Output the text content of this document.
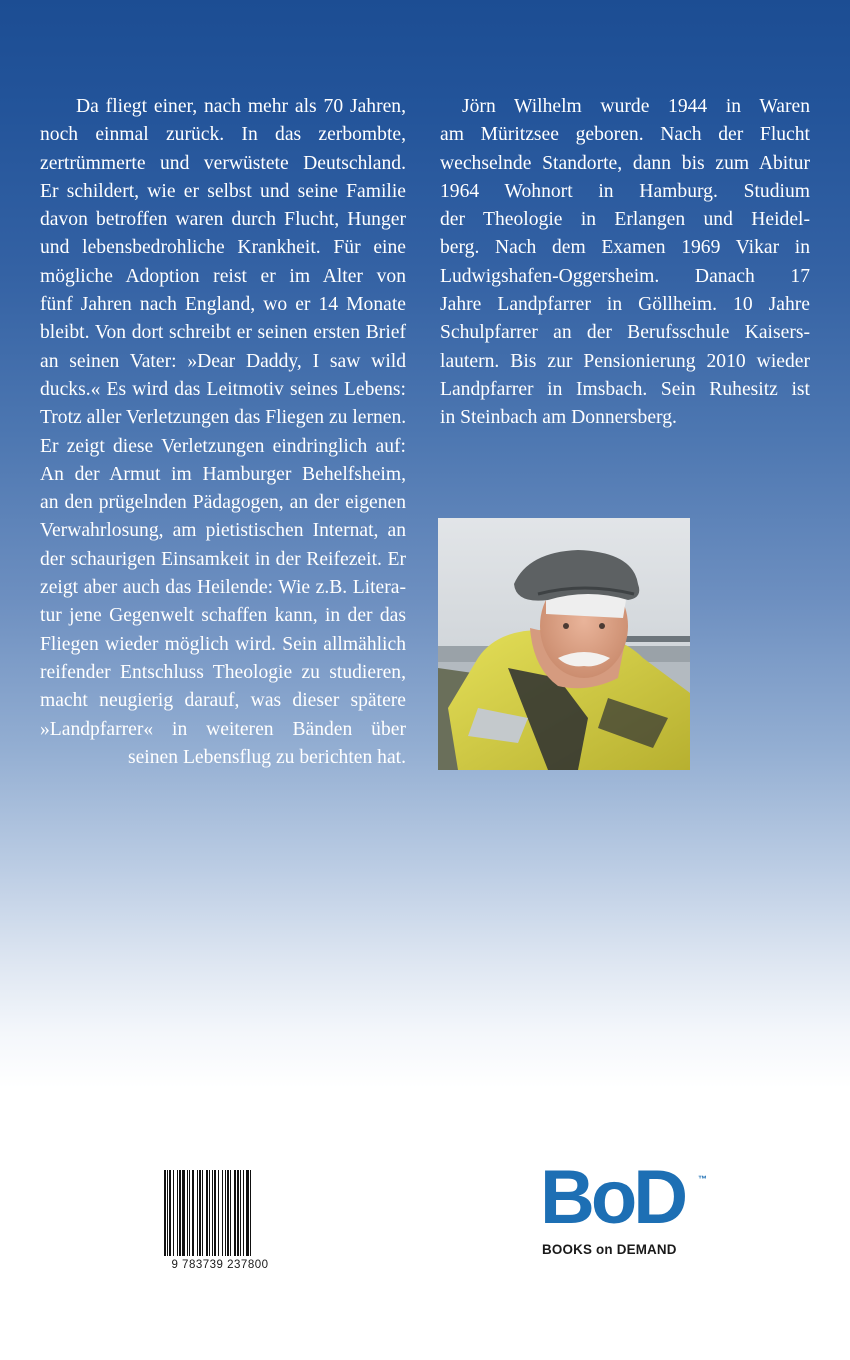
Da fliegt einer, nach mehr als 70 Jahren,
noch einmal zurück. In das zerbombte,
zertrümmerte und verwüstete Deutschland.
Er schildert, wie er selbst und seine Familie
davon betroffen waren durch Flucht, Hunger
und lebensbedrohliche Krankheit. Für eine
mögliche Adoption reist er im Alter von
fünf Jahren nach England, wo er 14 Monate
bleibt. Von dort schreibt er seinen ersten Brief
an seinen Vater: »Dear Daddy, I saw wild
ducks.« Es wird das Leitmotiv seines Lebens:
Trotz aller Verletzungen das Fliegen zu lernen.
Er zeigt diese Verletzungen eindringlich auf:
An der Armut im Hamburger Behelfsheim,
an den prügelnden Pädagogen, an der eigenen
Verwahrlosung, am pietistischen Internat, an
der schaurigen Einsamkeit in der Reifezeit. Er
zeigt aber auch das Heilende: Wie z.B. Litera-
tur jene Gegenwelt schaffen kann, in der das
Fliegen wieder möglich wird. Sein allmählich
reifender Entschluss Theologie zu studieren,
macht neugierig darauf, was dieser spätere
»Landpfarrer« in weiteren Bänden über
seinen Lebensflug zu berichten hat.
Jörn Wilhelm wurde 1944 in Waren
am Müritzsee geboren. Nach der Flucht
wechselnde Standorte, dann bis zum Abitur
1964 Wohnort in Hamburg. Studium
der Theologie in Erlangen und Heidel-
berg. Nach dem Examen 1969 Vikar in
Ludwigshafen-Oggersheim. Danach 17
Jahre Landpfarrer in Göllheim. 10 Jahre
Schulpfarrer an der Berufsschule Kaisers-
lautern. Bis zur Pensionierung 2010 wieder
Landpfarrer in Imsbach. Sein Ruhesitz ist
in Steinbach am Donnersberg.
9 783739 237800
BoD ™
BOOKS on DEMAND
